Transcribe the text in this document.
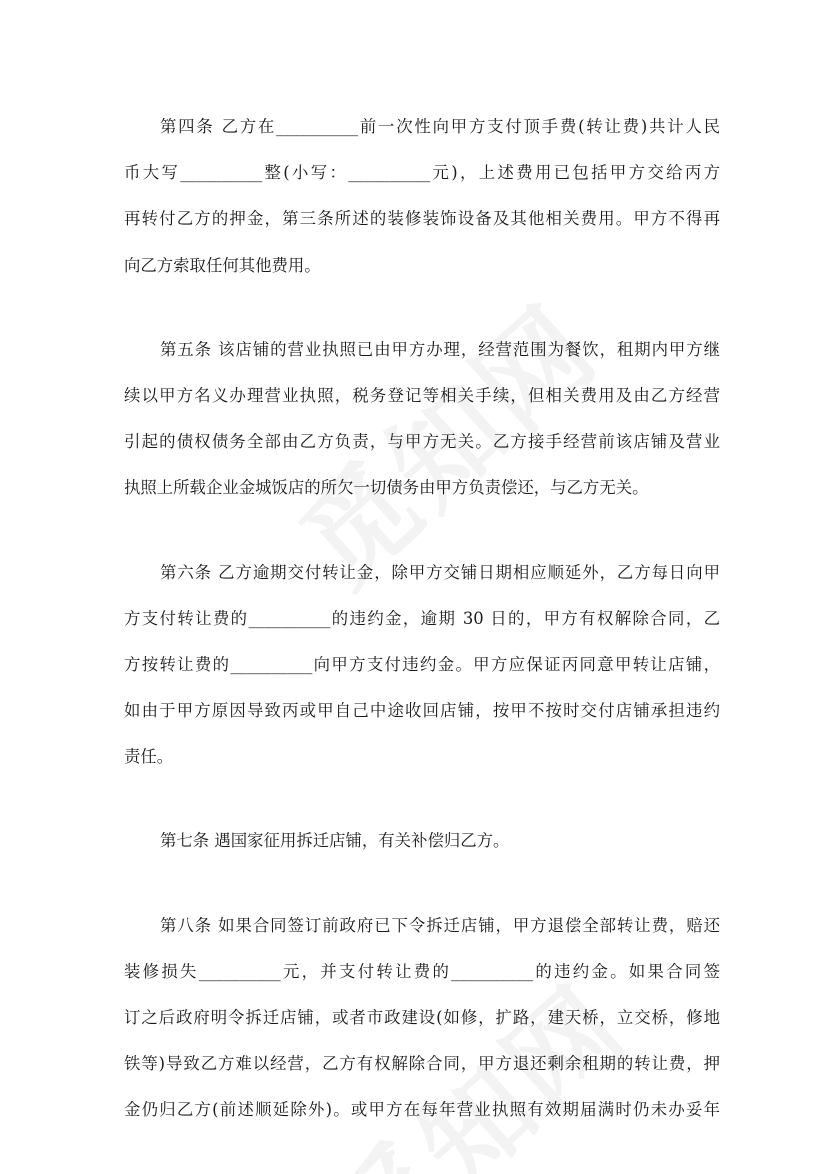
第四条 乙方在__________前一次性向甲方支付顶手费(转让费)共计人民
币大写__________整(小写：__________元)，上述费用已包括甲方交给丙方
再转付乙方的押金，第三条所述的装修装饰设备及其他相关费用。甲方不得再
向乙方索取任何其他费用。

第五条 该店铺的营业执照已由甲方办理，经营范围为餐饮，租期内甲方继
续以甲方名义办理营业执照，税务登记等相关手续，但相关费用及由乙方经营
引起的债权债务全部由乙方负责，与甲方无关。乙方接手经营前该店铺及营业
执照上所载企业金城饭店的所欠一切债务由甲方负责偿还，与乙方无关。

第六条 乙方逾期交付转让金，除甲方交铺日期相应顺延外，乙方每日向甲
方支付转让费的__________的违约金，逾期 30 日的，甲方有权解除合同，乙
方按转让费的__________向甲方支付违约金。甲方应保证丙同意甲转让店铺，
如由于甲方原因导致丙或甲自己中途收回店铺，按甲不按时交付店铺承担违约
责任。

第七条 遇国家征用拆迁店铺，有关补偿归乙方。

第八条 如果合同签订前政府已下令拆迁店铺，甲方退偿全部转让费，赔还
装修损失__________元，并支付转让费的__________的违约金。如果合同签
订之后政府明令拆迁店铺，或者市政建设(如修，扩路，建天桥，立交桥，修地
铁等)导致乙方难以经营，乙方有权解除合同，甲方退还剩余租期的转让费，押
金仍归乙方(前述顺延除外)。或甲方在每年营业执照有效期届满时仍未办妥年
